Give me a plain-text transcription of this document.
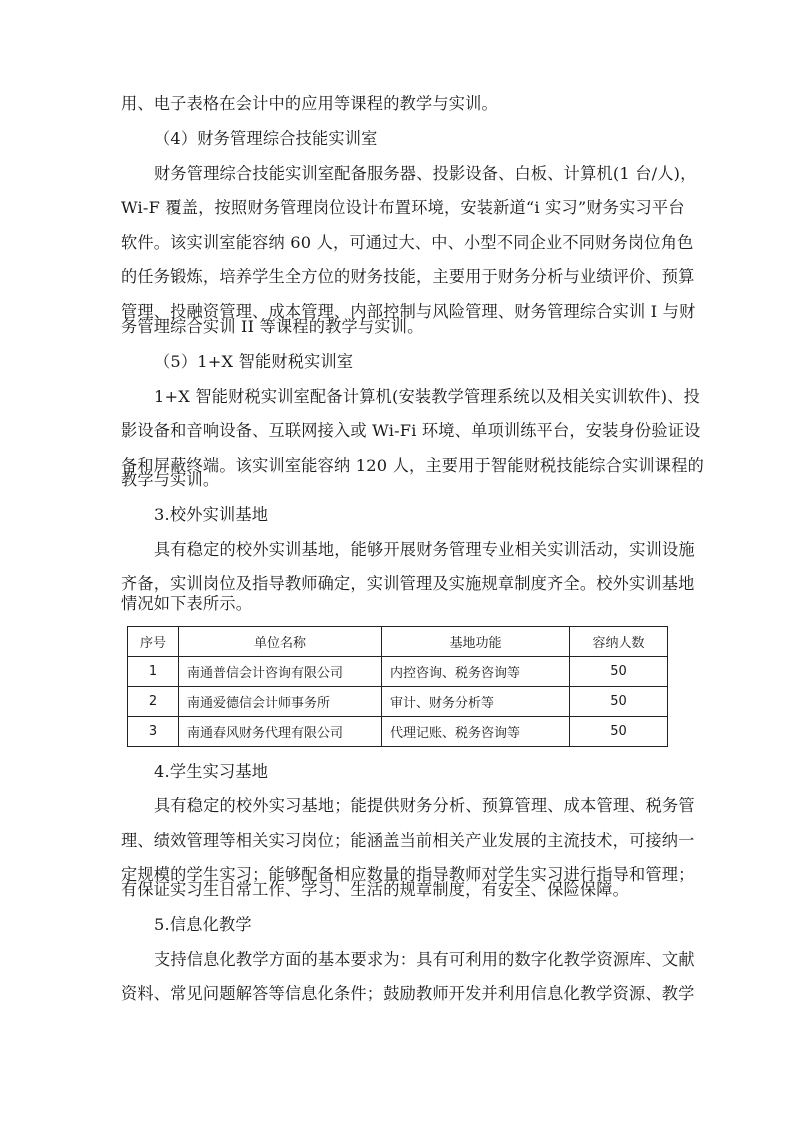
用、电子表格在会计中的应用等课程的教学与实训。
（4）财务管理综合技能实训室
财务管理综合技能实训室配备服务器、投影设备、白板、计算机(1 台/人)，
Wi-F 覆盖，按照财务管理岗位设计布置环境，安装新道“i 实习”财务实习平台
软件。该实训室能容纳 60 人，可通过大、中、小型不同企业不同财务岗位角色
的任务锻炼，培养学生全方位的财务技能，主要用于财务分析与业绩评价、预算
管理、投融资管理、成本管理、内部控制与风险管理、财务管理综合实训 I 与财
务管理综合实训 II 等课程的教学与实训。
（5）1+X 智能财税实训室
1+X 智能财税实训室配备计算机(安装教学管理系统以及相关实训软件)、投
影设备和音响设备、互联网接入或 Wi-Fi 环境、单项训练平台，安装身份验证设
备和屏蔽终端。该实训室能容纳 120 人，主要用于智能财税技能综合实训课程的
教学与实训。
3.校外实训基地
具有稳定的校外实训基地，能够开展财务管理专业相关实训活动，实训设施
齐备，实训岗位及指导教师确定，实训管理及实施规章制度齐全。校外实训基地
情况如下表所示。
序号	单位名称	基地功能	容纳人数
1	南通普信会计咨询有限公司	内控咨询、税务咨询等	50
2	南通爱德信会计师事务所	审计、财务分析等	50
3	南通春风财务代理有限公司	代理记账、税务咨询等	50
4.学生实习基地
具有稳定的校外实习基地；能提供财务分析、预算管理、成本管理、税务管
理、绩效管理等相关实习岗位；能涵盖当前相关产业发展的主流技术，可接纳一
定规模的学生实习；能够配备相应数量的指导教师对学生实习进行指导和管理；
有保证实习生日常工作、学习、生活的规章制度，有安全、保险保障。
5.信息化教学
支持信息化教学方面的基本要求为：具有可利用的数字化教学资源库、文献
资料、常见问题解答等信息化条件；鼓励教师开发并利用信息化教学资源、教学
